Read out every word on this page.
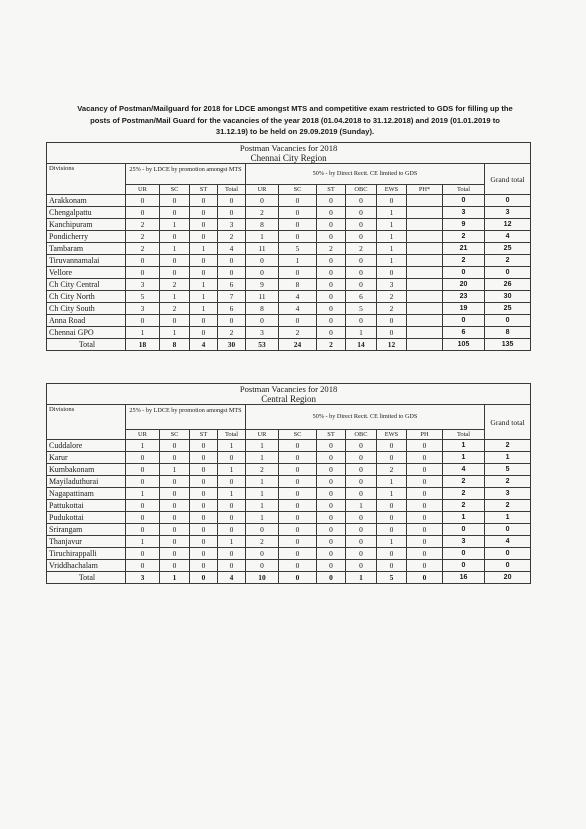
Vacancy of Postman/Mailguard for 2018 for LDCE amongst MTS and competitive exam restricted to GDS for filling up the
posts of Postman/Mail Guard for the vacancies of the year 2018 (01.04.2018 to 31.12.2018) and 2019 (01.01.2019 to
31.12.19) to be held on 29.09.2019 (Sunday).
Postman Vacancies for 2018												
Chennai City Region												
Divisions	25% - by LDCE by promotion amongst MTS				50% - by Direct Rectt. CE limited to GDS							Grand total
	UR	SC	ST	Total	UR	SC	ST	OBC	EWS	PH*	Total	
Arakkonam	0	0	0	0	0	0	0	0	0		0	0
Chengalpattu	0	0	0	0	2	0	0	0	1		3	3
Kanchipuram	2	1	0	3	8	0	0	0	1		9	12
Pondicherry	2	0	0	2	1	0	0	0	1		2	4
Tambaram	2	1	1	4	11	5	2	2	1		21	25
Tiruvannamalai	0	0	0	0	0	1	0	0	1		2	2
Vellore	0	0	0	0	0	0	0	0	0		0	0
Ch City Central	3	2	1	6	9	8	0	0	3		20	26
Ch City North	5	1	1	7	11	4	0	6	2		23	30
Ch City South	3	2	1	6	8	4	0	5	2		19	25
Anna Road	0	0	0	0	0	0	0	0	0		0	0
Chennai GPO	1	1	0	2	3	2	0	1	0		6	8
Total	18	8	4	30	53	24	2	14	12		105	135
Postman Vacancies for 2018												
Central Region												
Divisions	25% - by LDCE by promotion amongst MTS				50% - by Direct Rectt. CE limited to GDS							Grand total
	UR	SC	ST	Total	UR	SC	ST	OBC	EWS	PH	Total	
Cuddalore	1	0	0	1	1	0	0	0	0	0	1	2
Karur	0	0	0	0	1	0	0	0	0	0	1	1
Kumbakonam	0	1	0	1	2	0	0	0	2	0	4	5
Mayiladuthurai	0	0	0	0	1	0	0	0	1	0	2	2
Nagapattinam	1	0	0	1	1	0	0	0	1	0	2	3
Pattukottai	0	0	0	0	1	0	0	1	0	0	2	2
Pudukottai	0	0	0	0	1	0	0	0	0	0	1	1
Srirangam	0	0	0	0	0	0	0	0	0	0	0	0
Thanjavur	1	0	0	1	2	0	0	0	1	0	3	4
Tiruchirappalli	0	0	0	0	0	0	0	0	0	0	0	0
Vriddhachalam	0	0	0	0	0	0	0	0	0	0	0	0
Total	3	1	0	4	10	0	0	1	5	0	16	20
